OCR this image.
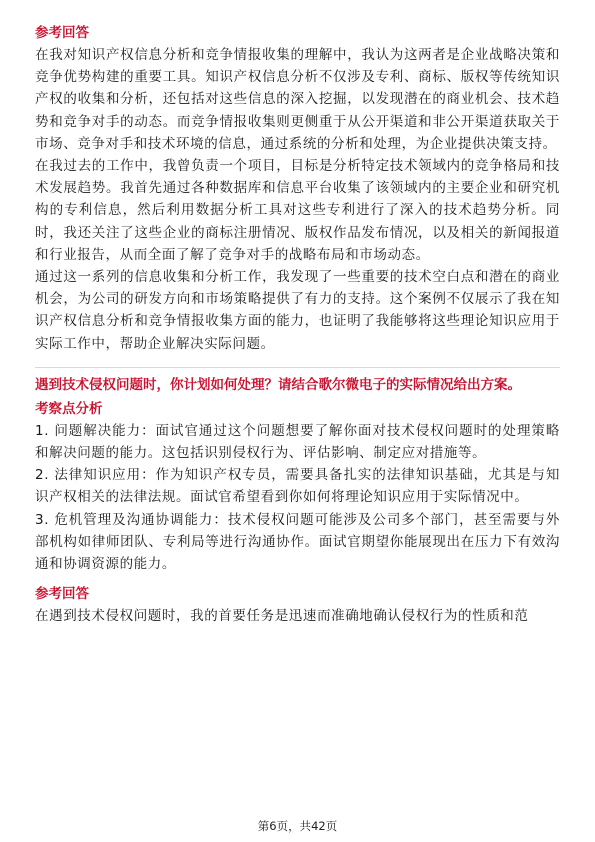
参考回答

在我对知识产权信息分析和竞争情报收集的理解中，我认为这两者是企业战略决策和竞争优势构建的重要工具。知识产权信息分析不仅涉及专利、商标、版权等传统知识产权的收集和分析，还包括对这些信息的深入挖掘，以发现潜在的商业机会、技术趋势和竞争对手的动态。而竞争情报收集则更侧重于从公开渠道和非公开渠道获取关于市场、竞争对手和技术环境的信息，通过系统的分析和处理，为企业提供决策支持。

在我过去的工作中，我曾负责一个项目，目标是分析特定技术领域内的竞争格局和技术发展趋势。我首先通过各种数据库和信息平台收集了该领域内的主要企业和研究机构的专利信息，然后利用数据分析工具对这些专利进行了深入的技术趋势分析。同时，我还关注了这些企业的商标注册情况、版权作品发布情况，以及相关的新闻报道和行业报告，从而全面了解了竞争对手的战略布局和市场动态。

通过这一系列的信息收集和分析工作，我发现了一些重要的技术空白点和潜在的商业机会，为公司的研发方向和市场策略提供了有力的支持。这个案例不仅展示了我在知识产权信息分析和竞争情报收集方面的能力，也证明了我能够将这些理论知识应用于实际工作中，帮助企业解决实际问题。

遇到技术侵权问题时，你计划如何处理？请结合歌尔微电子的实际情况给出方案。

考察点分析

1. 问题解决能力：面试官通过这个问题想要了解你面对技术侵权问题时的处理策略和解决问题的能力。这包括识别侵权行为、评估影响、制定应对措施等。

2. 法律知识应用：作为知识产权专员，需要具备扎实的法律知识基础，尤其是与知识产权相关的法律法规。面试官希望看到你如何将理论知识应用于实际情况中。

3. 危机管理及沟通协调能力：技术侵权问题可能涉及公司多个部门，甚至需要与外部机构如律师团队、专利局等进行沟通协作。面试官期望你能展现出在压力下有效沟通和协调资源的能力。

参考回答

在遇到技术侵权问题时，我的首要任务是迅速而准确地确认侵权行为的性质和范

第6页，共42页
